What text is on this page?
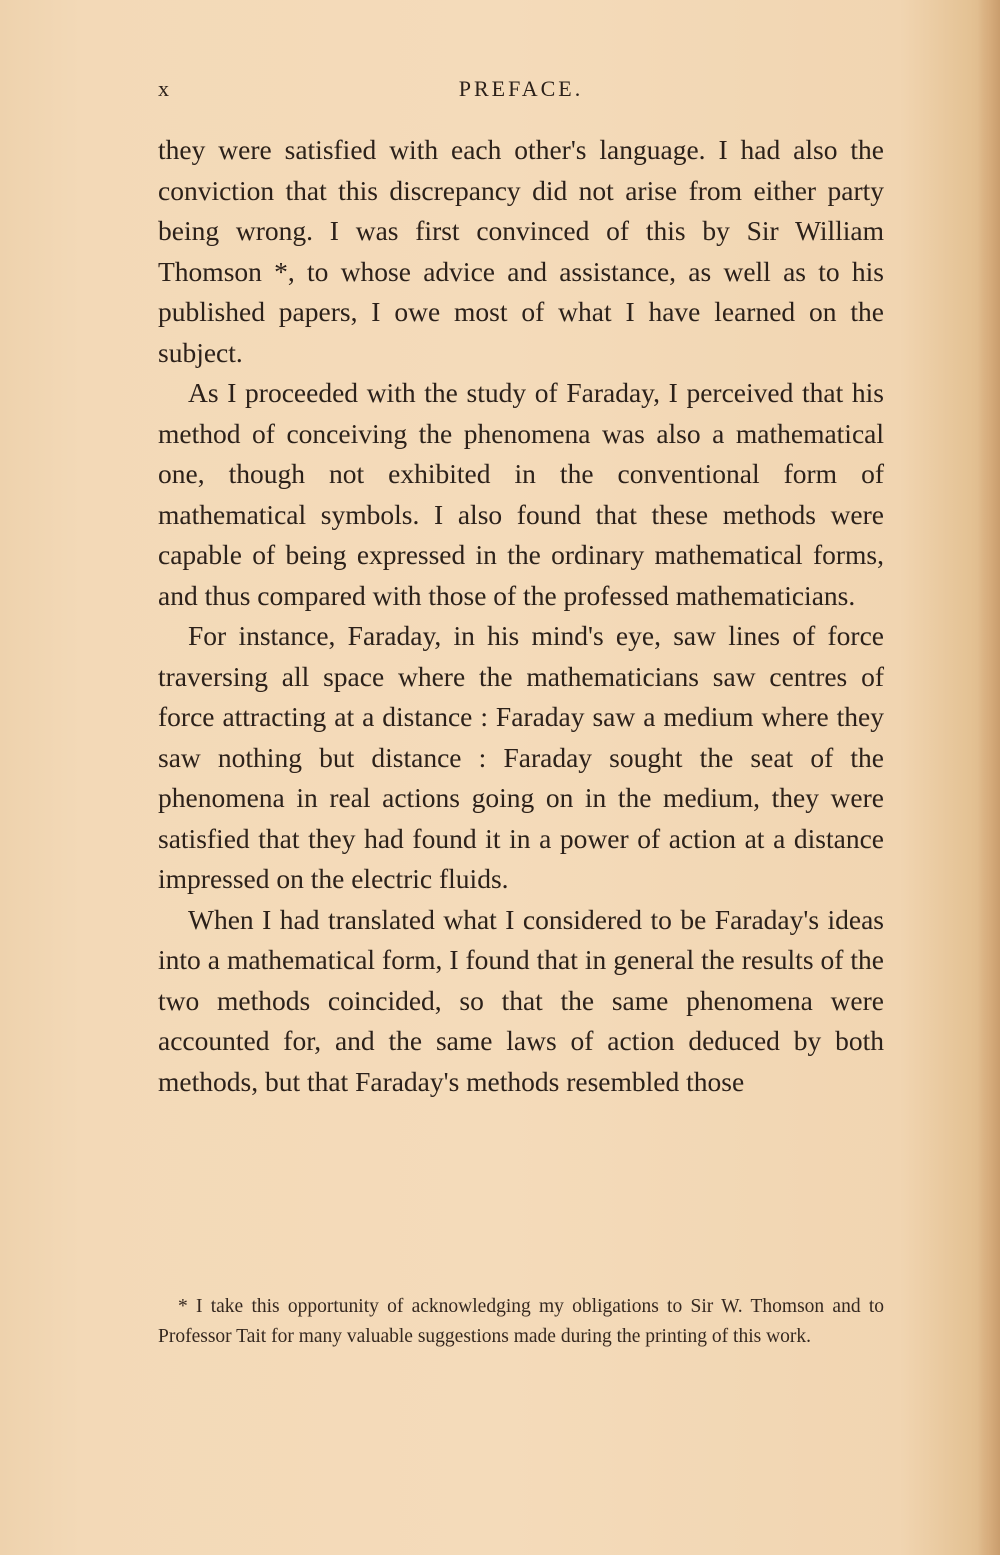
x	PREFACE.

they were satisfied with each other's language. I had also the conviction that this discrepancy did not arise from either party being wrong. I was first convinced of this by Sir William Thomson *, to whose advice and assistance, as well as to his published papers, I owe most of what I have learned on the subject.

As I proceeded with the study of Faraday, I perceived that his method of conceiving the phenomena was also a mathematical one, though not exhibited in the conventional form of mathematical symbols. I also found that these methods were capable of being expressed in the ordinary mathematical forms, and thus compared with those of the professed mathematicians.

For instance, Faraday, in his mind's eye, saw lines of force traversing all space where the mathematicians saw centres of force attracting at a distance : Faraday saw a medium where they saw nothing but distance : Faraday sought the seat of the phenomena in real actions going on in the medium, they were satisfied that they had found it in a power of action at a distance impressed on the electric fluids.

When I had translated what I considered to be Faraday's ideas into a mathematical form, I found that in general the results of the two methods coincided, so that the same phenomena were accounted for, and the same laws of action deduced by both methods, but that Faraday's methods resembled those

* I take this opportunity of acknowledging my obligations to Sir W. Thomson and to Professor Tait for many valuable suggestions made during the printing of this work.
